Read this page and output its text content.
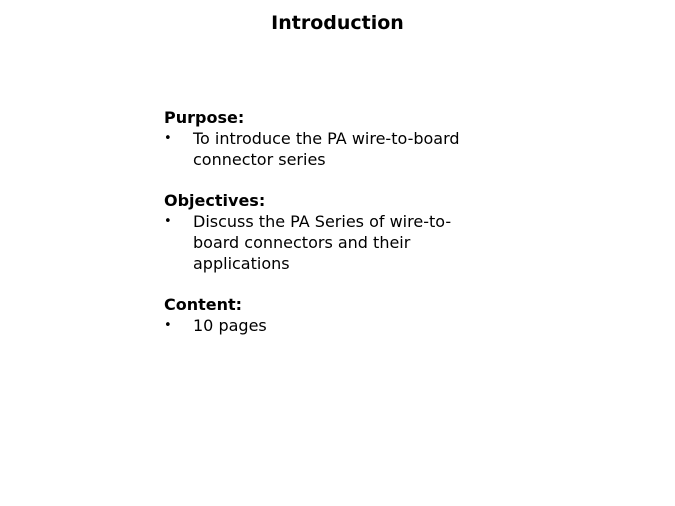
Introduction
Purpose:
• To introduce the PA wire-to-board
connector series
Objectives:
• Discuss the PA Series of wire-to-
board connectors and their
applications
Content:
• 10 pages
